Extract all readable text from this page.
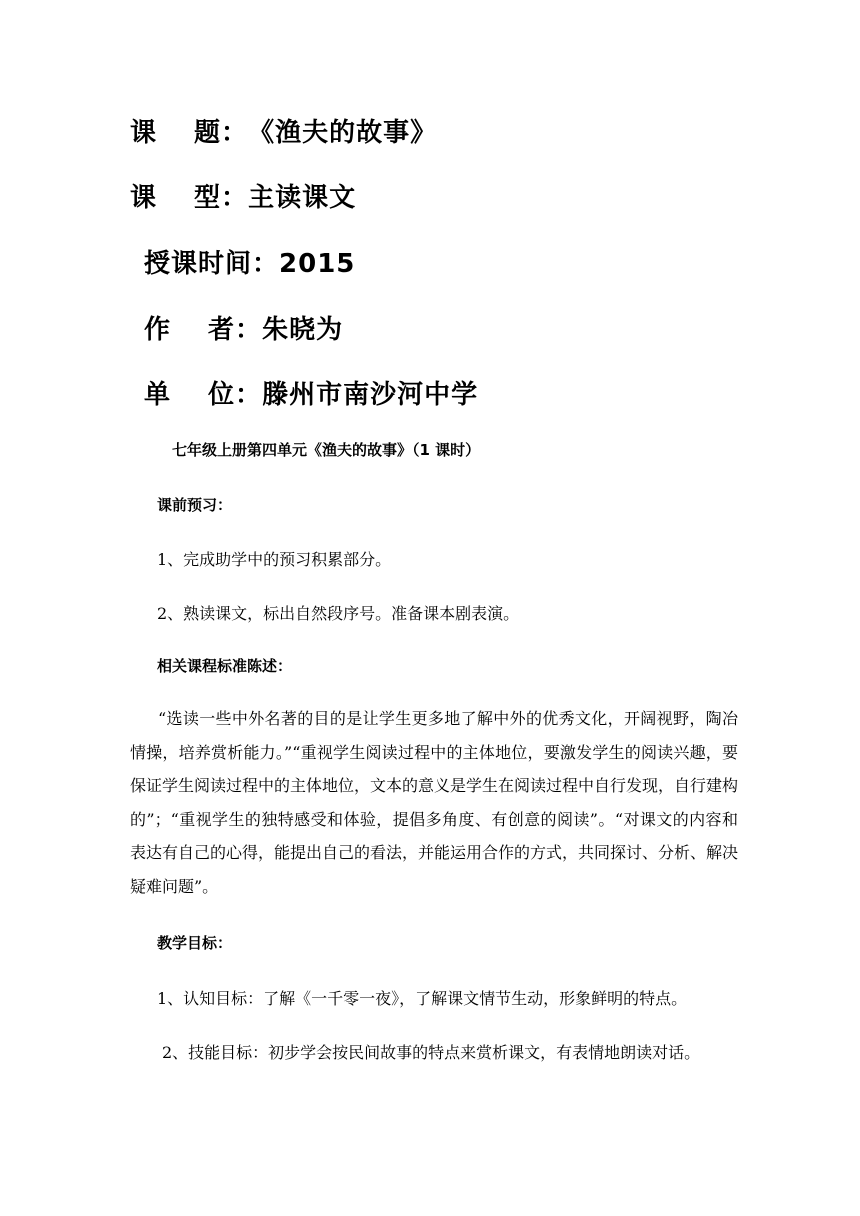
课　 题：《渔夫的故事》
课　 型：主读课文
授课时间：2015
作　 者：朱晓为
单　 位：滕州市南沙河中学
七年级上册第四单元《渔夫的故事》（1 课时）
课前预习：
1、完成助学中的预习积累部分。
2、熟读课文，标出自然段序号。准备课本剧表演。
相关课程标准陈述：
“选读一些中外名著的目的是让学生更多地了解中外的优秀文化，开阔视野，陶冶情操，培养赏析能力。”“重视学生阅读过程中的主体地位，要激发学生的阅读兴趣，要保证学生阅读过程中的主体地位，文本的意义是学生在阅读过程中自行发现，自行建构的”；“重视学生的独特感受和体验，提倡多角度、有创意的阅读”。“对课文的内容和表达有自己的心得，能提出自己的看法，并能运用合作的方式，共同探讨、分析、解决疑难问题”。
教学目标：
1、认知目标：了解《一千零一夜》，了解课文情节生动，形象鲜明的特点。
2、技能目标：初步学会按民间故事的特点来赏析课文，有表情地朗读对话。
